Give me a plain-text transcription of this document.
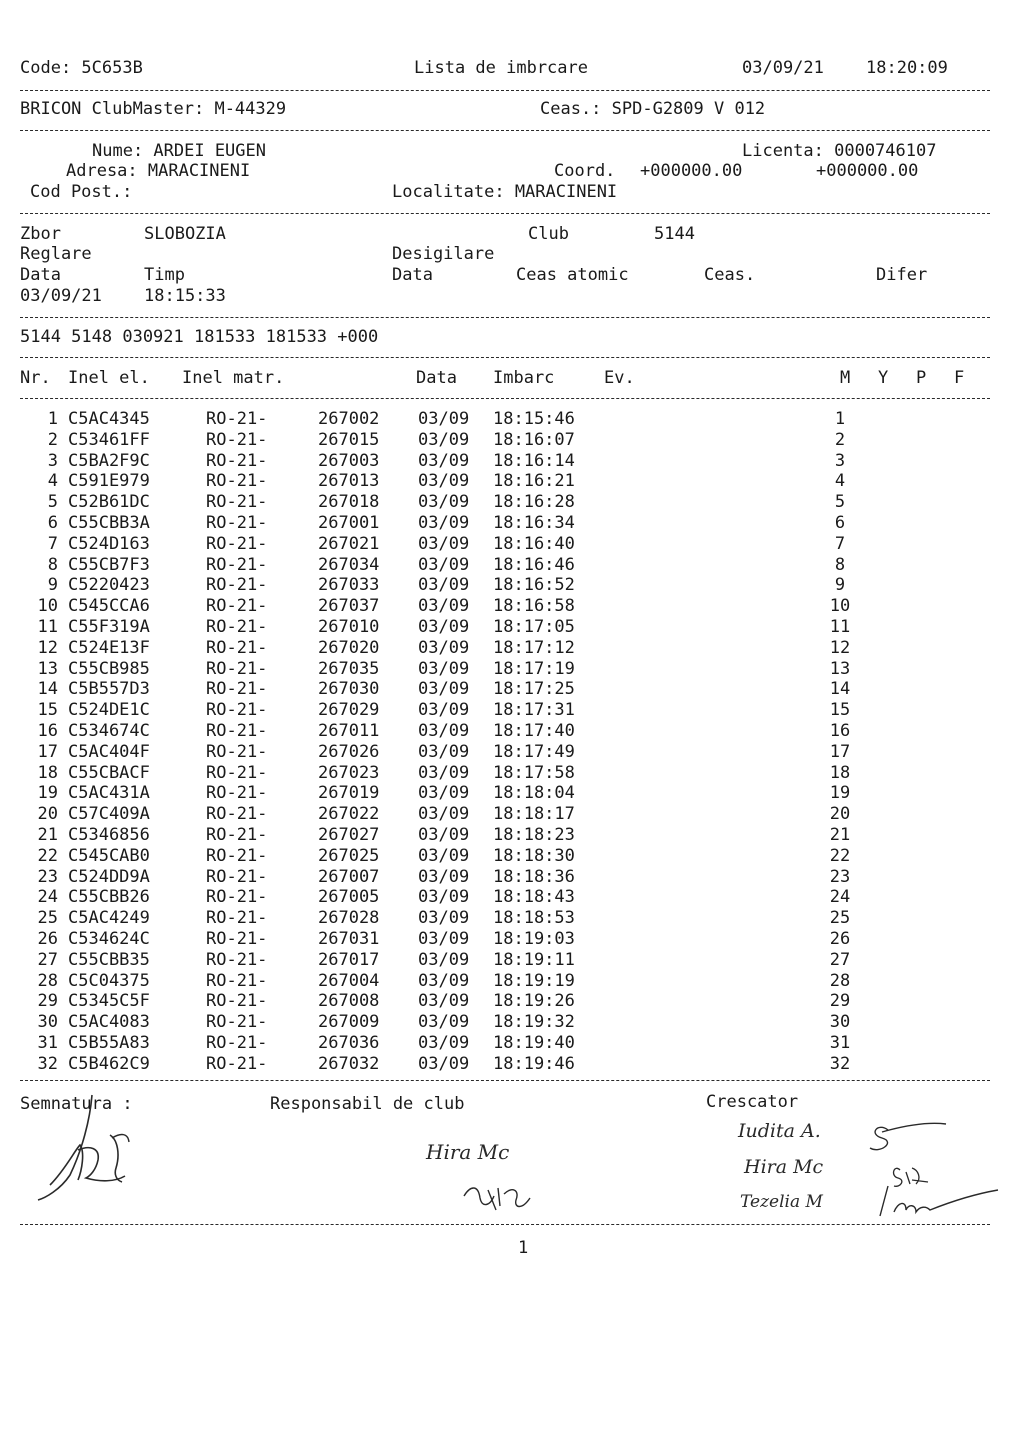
Code: 5C653B	Lista de imbrcare	03/09/21 18:20:09
BRICON ClubMaster: M-44329	Ceas.: SPD-G2809 V 012
Nume: ARDEI EUGEN	Licenta: 0000746107
Adresa: MARACINENI	Coord. +000000.00	+000000.00
Cod Post.:	Localitate: MARACINENI
Zbor	SLOBOZIA	Club	5144
Reglare	Desigilare
Data	Timp	Data	Ceas atomic	Ceas.	Difer
03/09/21 18:15:33
5144 5148 030921 181533 181533 +000
Nr. Inel el. Inel matr.	Data Imbarc	Ev.	M Y P F
1 C5AC4345	RO-21-	267002 03/09 18:15:46	1
2 C53461FF	RO-21-	267015 03/09 18:16:07	2
3 C5BA2F9C	RO-21-	267003 03/09 18:16:14	3
4 C591E979	RO-21-	267013 03/09 18:16:21	4
5 C52B61DC	RO-21-	267018 03/09 18:16:28	5
6 C55CBB3A	RO-21-	267001 03/09 18:16:34	6
7 C524D163	RO-21-	267021 03/09 18:16:40	7
8 C55CB7F3	RO-21-	267034 03/09 18:16:46	8
9 C5220423	RO-21-	267033 03/09 18:16:52	9
10 C545CCA6	RO-21-	267037 03/09 18:16:58	10
11 C55F319A	RO-21-	267010 03/09 18:17:05	11
12 C524E13F	RO-21-	267020 03/09 18:17:12	12
13 C55CB985	RO-21-	267035 03/09 18:17:19	13
14 C5B557D3	RO-21-	267030 03/09 18:17:25	14
15 C524DE1C	RO-21-	267029 03/09 18:17:31	15
16 C534674C	RO-21-	267011 03/09 18:17:40	16
17 C5AC404F	RO-21-	267026 03/09 18:17:49	17
18 C55CBACF	RO-21-	267023 03/09 18:17:58	18
19 C5AC431A	RO-21-	267019 03/09 18:18:04	19
20 C57C409A	RO-21-	267022 03/09 18:18:17	20
21 C5346856	RO-21-	267027 03/09 18:18:23	21
22 C545CAB0	RO-21-	267025 03/09 18:18:30	22
23 C524DD9A	RO-21-	267007 03/09 18:18:36	23
24 C55CBB26	RO-21-	267005 03/09 18:18:43	24
25 C5AC4249	RO-21-	267028 03/09 18:18:53	25
26 C534624C	RO-21-	267031 03/09 18:19:03	26
27 C55CBB35	RO-21-	267017 03/09 18:19:11	27
28 C5C04375	RO-21-	267004 03/09 18:19:19	28
29 C5345C5F	RO-21-	267008 03/09 18:19:26	29
30 C5AC4083	RO-21-	267009 03/09 18:19:32	30
31 C5B55A83	RO-21-	267036 03/09 18:19:40	31
32 C5B462C9	RO-21-	267032 03/09 18:19:46	32
Semnatura :	Responsabil de club	Crescator
Hira Mc
Iudita A.
Hira Mc
Tezelia M
1
